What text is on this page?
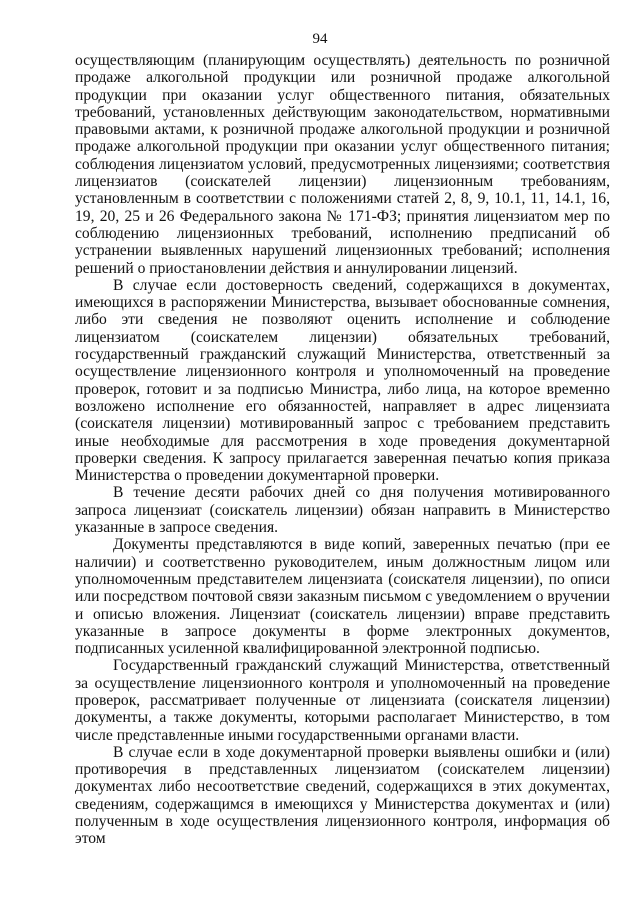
94

осуществляющим (планирующим осуществлять) деятельность по розничной продаже алкогольной продукции или розничной продаже алкогольной продукции при оказании услуг общественного питания, обязательных требований, установленных действующим законодательством, нормативными правовыми актами, к розничной продаже алкогольной продукции и розничной продаже алкогольной продукции при оказании услуг общественного питания; соблюдения лицензиатом условий, предусмотренных лицензиями; соответствия лицензиатов (соискателей лицензии) лицензионным требованиям, установленным в соответствии с положениями статей 2, 8, 9, 10.1, 11, 14.1, 16, 19, 20, 25 и 26 Федерального закона № 171-ФЗ; принятия лицензиатом мер по соблюдению лицензионных требований, исполнению предписаний об устранении выявленных нарушений лицензионных требований; исполнения решений о приостановлении действия и аннулировании лицензий.

В случае если достоверность сведений, содержащихся в документах, имеющихся в распоряжении Министерства, вызывает обоснованные сомнения, либо эти сведения не позволяют оценить исполнение и соблюдение лицензиатом (соискателем лицензии) обязательных требований, государственный гражданский служащий Министерства, ответственный за осуществление лицензионного контроля и уполномоченный на проведение проверок, готовит и за подписью Министра, либо лица, на которое временно возложено исполнение его обязанностей, направляет в адрес лицензиата (соискателя лицензии) мотивированный запрос с требованием представить иные необходимые для рассмотрения в ходе проведения документарной проверки сведения. К запросу прилагается заверенная печатью копия приказа Министерства о проведении документарной проверки.

В течение десяти рабочих дней со дня получения мотивированного запроса лицензиат (соискатель лицензии) обязан направить в Министерство указанные в запросе сведения.

Документы представляются в виде копий, заверенных печатью (при ее наличии) и соответственно руководителем, иным должностным лицом или уполномоченным представителем лицензиата (соискателя лицензии), по описи или посредством почтовой связи заказным письмом с уведомлением о вручении и описью вложения. Лицензиат (соискатель лицензии) вправе представить указанные в запросе документы в форме электронных документов, подписанных усиленной квалифицированной электронной подписью.

Государственный гражданский служащий Министерства, ответственный за осуществление лицензионного контроля и уполномоченный на проведение проверок, рассматривает полученные от лицензиата (соискателя лицензии) документы, а также документы, которыми располагает Министерство, в том числе представленные иными государственными органами власти.

В случае если в ходе документарной проверки выявлены ошибки и (или) противоречия в представленных лицензиатом (соискателем лицензии) документах либо несоответствие сведений, содержащихся в этих документах, сведениям, содержащимся в имеющихся у Министерства документах и (или) полученным в ходе осуществления лицензионного контроля, информация об этом
